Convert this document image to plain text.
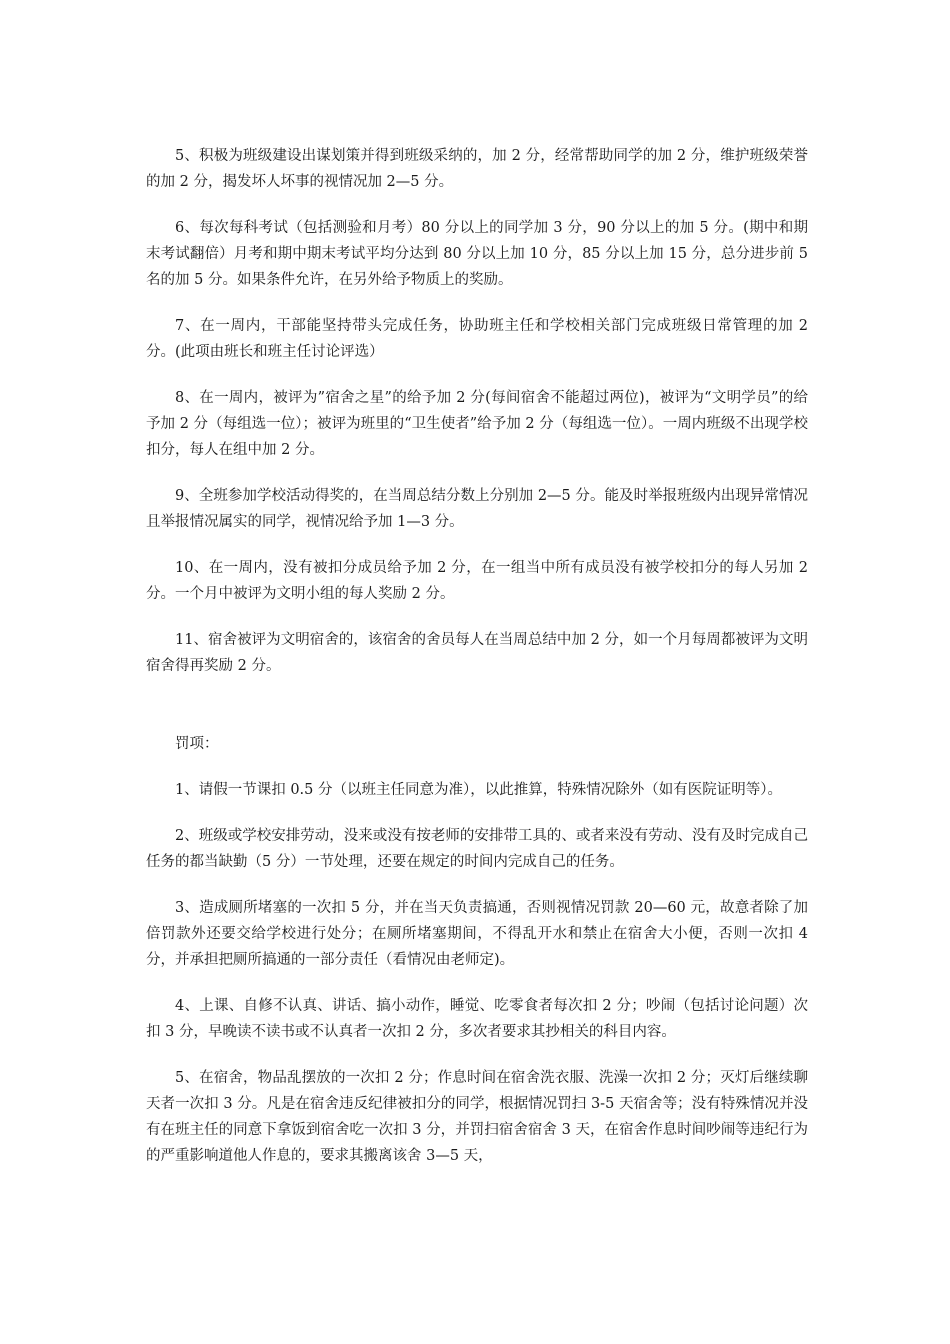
5、积极为班级建设出谋划策并得到班级采纳的，加 2 分，经常帮助同学的加 2 分，维护班级荣誉的加 2 分，揭发坏人坏事的视情况加 2—5 分。

6、每次每科考试（包括测验和月考）80 分以上的同学加 3 分，90 分以上的加 5 分。(期中和期末考试翻倍）月考和期中期末考试平均分达到 80 分以上加 10 分，85 分以上加 15 分，总分进步前 5 名的加 5 分。如果条件允许，在另外给予物质上的奖励。

7、在一周内，干部能坚持带头完成任务，协助班主任和学校相关部门完成班级日常管理的加 2 分。(此项由班长和班主任讨论评选）

8、在一周内，被评为”宿舍之星”的给予加 2 分(每间宿舍不能超过两位)，被评为“文明学员”的给予加 2 分（每组选一位）；被评为班里的“卫生使者”给予加 2 分（每组选一位）。一周内班级不出现学校扣分，每人在组中加 2 分。

9、全班参加学校活动得奖的，在当周总结分数上分别加 2—5 分。能及时举报班级内出现异常情况且举报情况属实的同学，视情况给予加 1—3 分。

10、在一周内，没有被扣分成员给予加 2 分，在一组当中所有成员没有被学校扣分的每人另加 2 分。一个月中被评为文明小组的每人奖励 2 分。

11、宿舍被评为文明宿舍的，该宿舍的舍员每人在当周总结中加 2 分，如一个月每周都被评为文明宿舍得再奖励 2 分。

罚项：

1、请假一节课扣 0.5 分（以班主任同意为准），以此推算，特殊情况除外（如有医院证明等）。

2、班级或学校安排劳动，没来或没有按老师的安排带工具的、或者来没有劳动、没有及时完成自己任务的都当缺勤（5 分）一节处理，还要在规定的时间内完成自己的任务。

3、造成厕所堵塞的一次扣 5 分，并在当天负责搞通，否则视情况罚款 20—60 元，故意者除了加倍罚款外还要交给学校进行处分；在厕所堵塞期间，不得乱开水和禁止在宿舍大小便，否则一次扣 4 分，并承担把厕所搞通的一部分责任（看情况由老师定)。

4、上课、自修不认真、讲话、搞小动作，睡觉、吃零食者每次扣 2 分；吵闹（包括讨论问题）次扣 3 分，早晚读不读书或不认真者一次扣 2 分，多次者要求其抄相关的科目内容。

5、在宿舍，物品乱摆放的一次扣 2 分；作息时间在宿舍洗衣服、洗澡一次扣 2 分；灭灯后继续聊天者一次扣 3 分。凡是在宿舍违反纪律被扣分的同学，根据情况罚扫 3-5 天宿舍等；没有特殊情况并没有在班主任的同意下拿饭到宿舍吃一次扣 3 分，并罚扫宿舍宿舍 3 天，在宿舍作息时间吵闹等违纪行为的严重影响道他人作息的，要求其搬离该舍 3—5 天，
